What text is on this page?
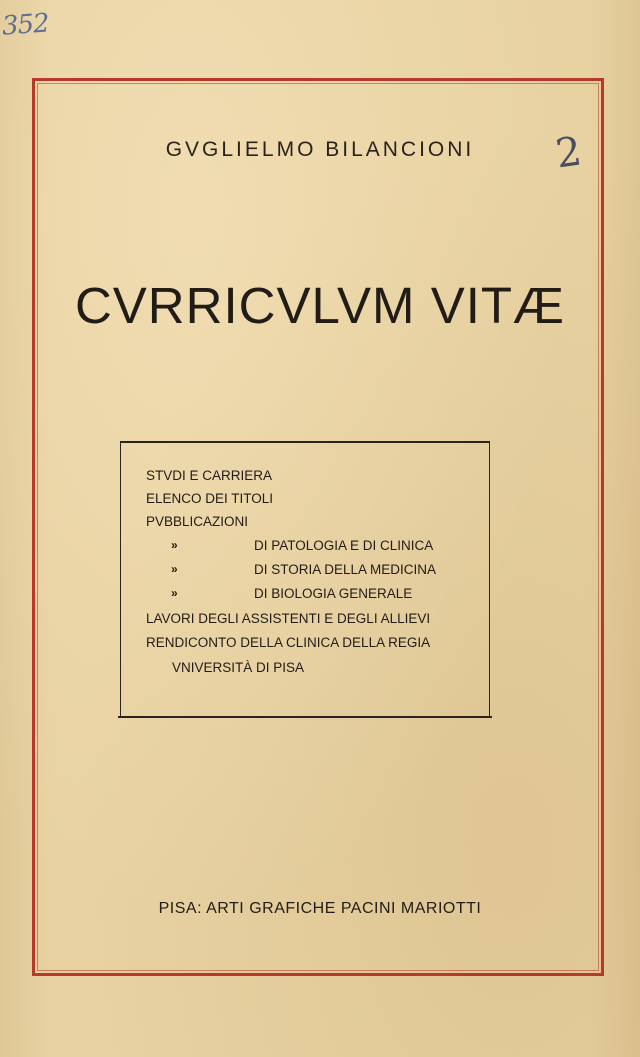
352
2
GVGLIELMO BILANCIONI
CVRRICVLVM VITÆ
STVDI E CARRIERA
ELENCO DEI TITOLI
PVBBLICAZIONI
»	DI PATOLOGIA E DI CLINICA
»	DI STORIA DELLA MEDICINA
»	DI BIOLOGIA GENERALE
LAVORI DEGLI ASSISTENTI E DEGLI ALLIEVI
RENDICONTO DELLA CLINICA DELLA REGIA
VNIVERSITÀ DI PISA
PISA: ARTI GRAFICHE PACINI MARIOTTI
